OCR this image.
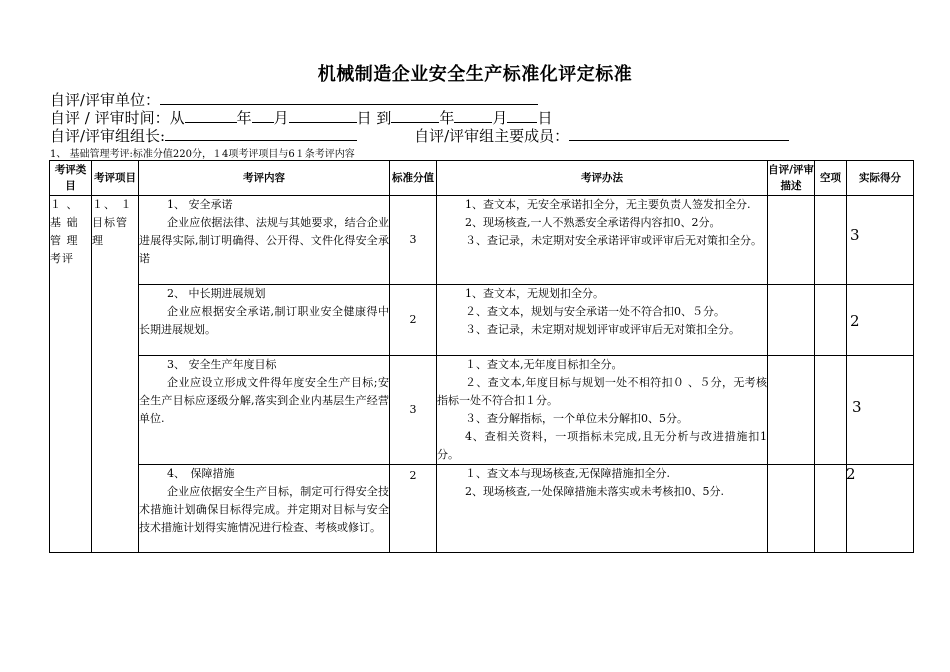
机械制造企业安全生产标准化评定标准
自评/评审单位：
自评 / 评审时间：从	年 月	日 到	年	月 日
自评/评审组组长:	自评/评审组主要成员：
1、 基础管理考评:标准分值220分，１4项考评项目与6１条考评内容
考评类目	考评项目	考评内容	标准分值	考评办法	自评/评审描述	空项	实际得分
１ 、 基 础 管 理 考评	１、 １ 目标管理	1、 安全承诺
企业应依据法律、法规与其她要求，结合企业进展得实际,制订明确得、公开得、文件化得安全承诺	3	1、查文本，无安全承诺扣全分，无主要负责人签发扣全分.
2、现场核查,一人不熟悉安全承诺得内容扣0、2分。
３、查记录，未定期对安全承诺评审或评审后无对策扣全分。			3

		2、 中长期进展规划
企业应根据安全承诺,制订职业安全健康得中长期进展规划。	2	1、查文本，无规划扣全分。
２、查文本，规划与安全承诺一处不符合扣0、５分。
３、查记录，未定期对规划评审或评审后无对策扣全分。			2

		3、 安全生产年度目标
企业应设立形成文件得年度安全生产目标;安全生产目标应逐级分解,落实到企业内基层生产经营单位.	3	１、查文本,无年度目标扣全分。
２、查文本,年度目标与规划一处不相符扣０ 、５分，无考核指标一处不符合扣１分。
３、查分解指标，一个单位未分解扣0、5分。
4、查相关资料，一项指标未完成,且无分析与改进措施扣1分。			3

		4、　保障措施
企业应依据安全生产目标，制定可行得安全技术措施计划确保目标得完成。并定期对目标与安全技术措施计划得实施情况进行检查、考核或修订。	2	１、查文本与现场核查,无保障措施扣全分.
2、现场核查,一处保障措施未落实或未考核扣0、5分.			2
